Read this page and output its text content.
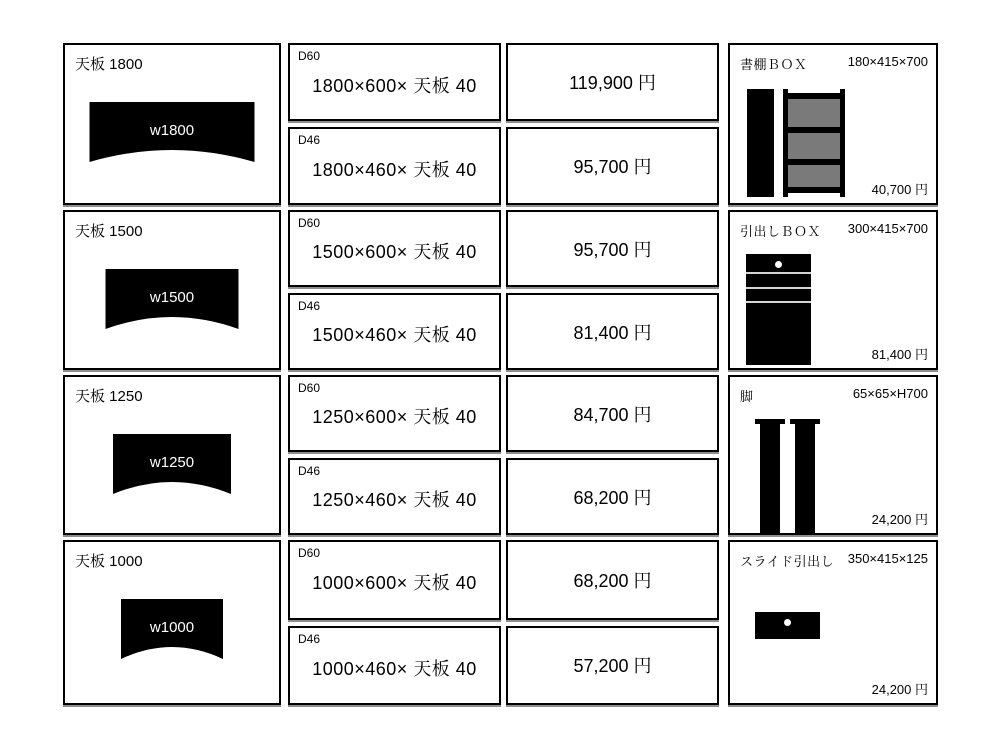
天板 1800
w1800
D60
1800×600× 天板 40
D46
1800×460× 天板 40
119,900 円
95,700 円
書棚ＢＯＸ	180×415×700
40,700 円
天板 1500
w1500
D60
1500×600× 天板 40
D46
1500×460× 天板 40
95,700 円
81,400 円
引出しＢＯＸ 300×415×700
81,400 円
天板 1250
w1250
D60
1250×600× 天板 40
D46
1250×460× 天板 40
84,700 円
68,200 円
脚	65×65×H700
24,200 円
天板 1000
w1000
D60
1000×600× 天板 40
D46
1000×460× 天板 40
68,200 円
57,200 円
スライド引出し 350×415×125
24,200 円
